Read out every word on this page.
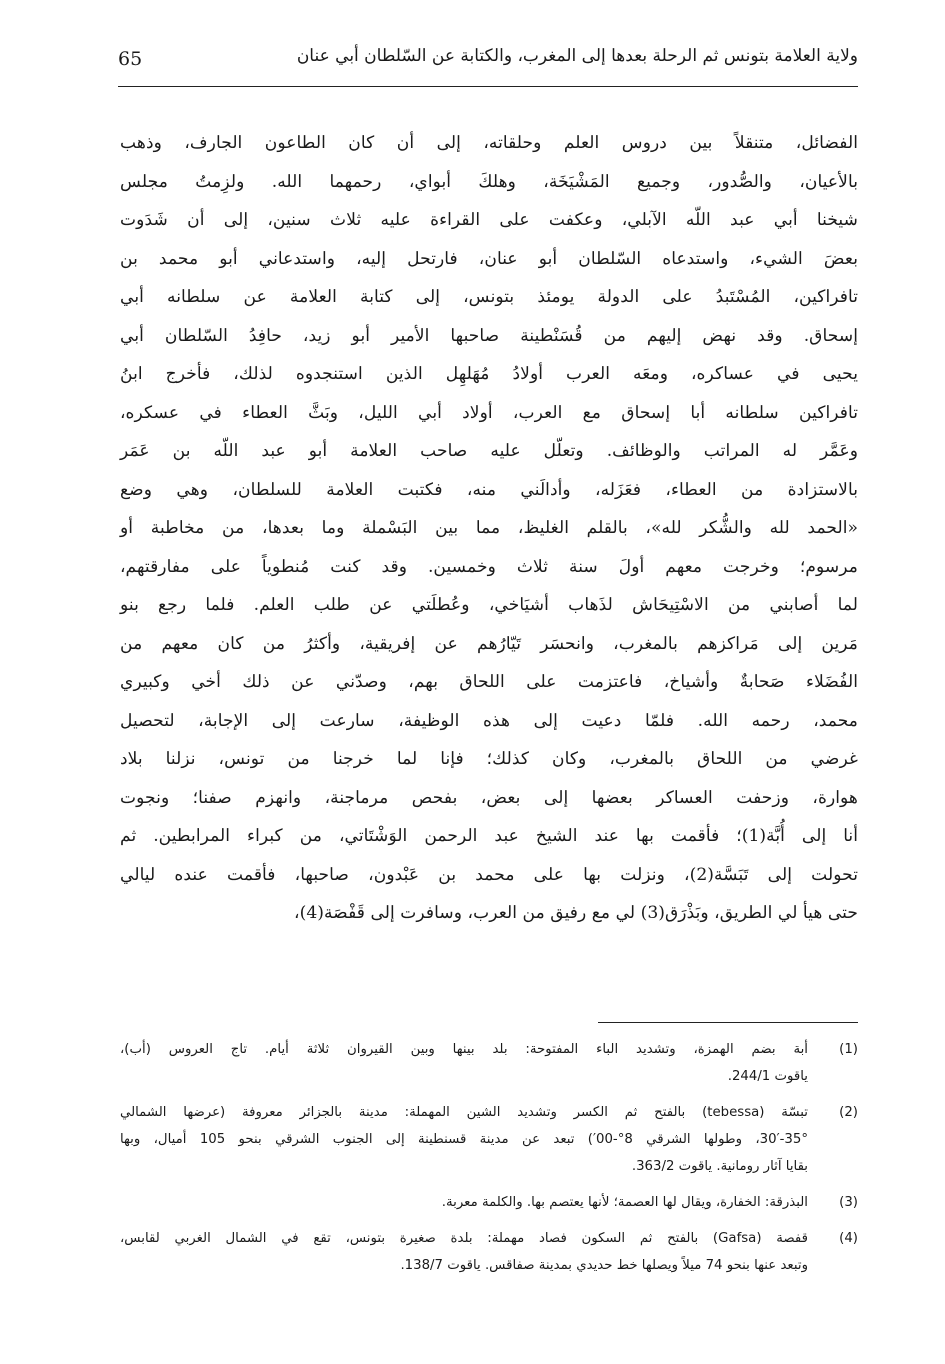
65	ولاية العلامة بتونس ثم الرحلة بعدها إلى المغرب، والكتابة عن السّلطان أبي عنان
الفضائل، متنقلاً بين دروس العلم وحلقاته، إلى أن كان الطاعون الجارف، وذهب
بالأعيان، والصُّدور، وجميع المَشْيَخَة، وهلكَ أبواي، رحمهما الله. ولزِمتُ مجلس
شيخنا أبي عبد اللّه الآبلي، وعكفت على القراءة عليه ثلاث سنين، إلى أن شَدَوت
بعضَ الشيء، واستدعاه السّلطان أبو عنان، فارتحل إليه، واستدعاني أبو محمد بن
تافراكين، المُسْتَبدُ على الدولة يومئذ بتونس، إلى كتابة العلامة عن سلطانه أبي
إسحاق. وقد نهض إليهم من قُسَنْطينة صاحبها الأمير أبو زيد، حافِدُ السّلطان أبي
يحيى في عساكره، ومعَه العرب أولادُ مُهَلهِل الذين استنجدوه لذلك، فأخرج ابنُ
تافراكين سلطانه أبا إسحاق مع العرب، أولاد أبي الليل، وبَثَّ العطاء في عسكره،
وعَمَّر له المراتب والوظائف. وتعلّل عليه صاحب العلامة أبو عبد اللّه بن عَمَر
بالاستزادة من العطاء، فعَزَله، وأدالَني منه، فكتبت العلامة للسلطان، وهي وضع
«الحمد لله والشُّكر لله»، بالقلم الغليظ، مما بين البَسْملة وما بعدها، من مخاطبة أو
مرسوم؛ وخرجت معهم أولَ سنة ثلاث وخمسين. وقد كنت مُنطوياً على مفارقتهم،
لما أصابني من الاسْتِيحَاش لذَهاب أشيَاخي، وعُطلَتي عن طلب العلم. فلما رجع بنو
مَرين إلى مَراكزهم بالمغرب، وانحسَر تَيّارُهم عن إفريقية، وأكثرُ من كان معهم من
الفُضَلاء صَحابةٌ وأشياخ، فاعتزمت على اللحاق بهم، وصدّني عن ذلك أخي وكبيري
محمد، رحمه الله. فلمّا دعيت إلى هذه الوظيفة، سارعت إلى الإجابة، لتحصيل
غرضي من اللحاق بالمغرب، وكان كذلك؛ فإنا لما خرجنا من تونس، نزلنا بلاد
هوارة، وزحفت العساكر بعضها إلى بعض، بفحص مرماجنة، وانهزم صفنا؛ ونجوت
أنا إلى أُبَّة(1)؛ فأقمت بها عند الشيخ عبد الرحمن الوَشْتَاتي، من كبراء المرابطين. ثم
تحولت إلى تَبَسَّة(2)، ونزلت بها على محمد بن عَبْدون، صاحبها، فأقمت عنده ليالي
حتى هيأ لي الطريق، وبَذْرَق(3) لي مع رفيق من العرب، وسافرت إلى قَفْصَة(4)،
(1)
أبة بضم الهمزة، وتشديد الباء المفتوحة: بلد بينها وبين القيروان ثلاثة أيام. تاج العروس (أب)،
ياقوت 244/1.
(2)
تبسّة (tebessa) بالفتح ثم الكسر وتشديد الشين المهملة: مدينة بالجزائر معروفة (عرضها الشمالي
35°-30′، وطولها الشرقي 8°-00′) تبعد عن مدينة قسنطينة إلى الجنوب الشرقي بنحو 105 أميال، وبها
بقايا آثار رومانية. ياقوت 363/2.
(3)
البذرقة: الخفارة، ويقال لها العصمة؛ لأنها يعتصم بها. والكلمة معربة.
(4)
قفصة (Gafsa) بالفتح ثم السكون فصاد مهملة: بلدة صغيرة بتونس، تقع في الشمال الغربي لقابس،
وتبعد عنها بنحو 74 ميلاً ويصلها خط حديدي بمدينة صفاقس. ياقوت 138/7.
